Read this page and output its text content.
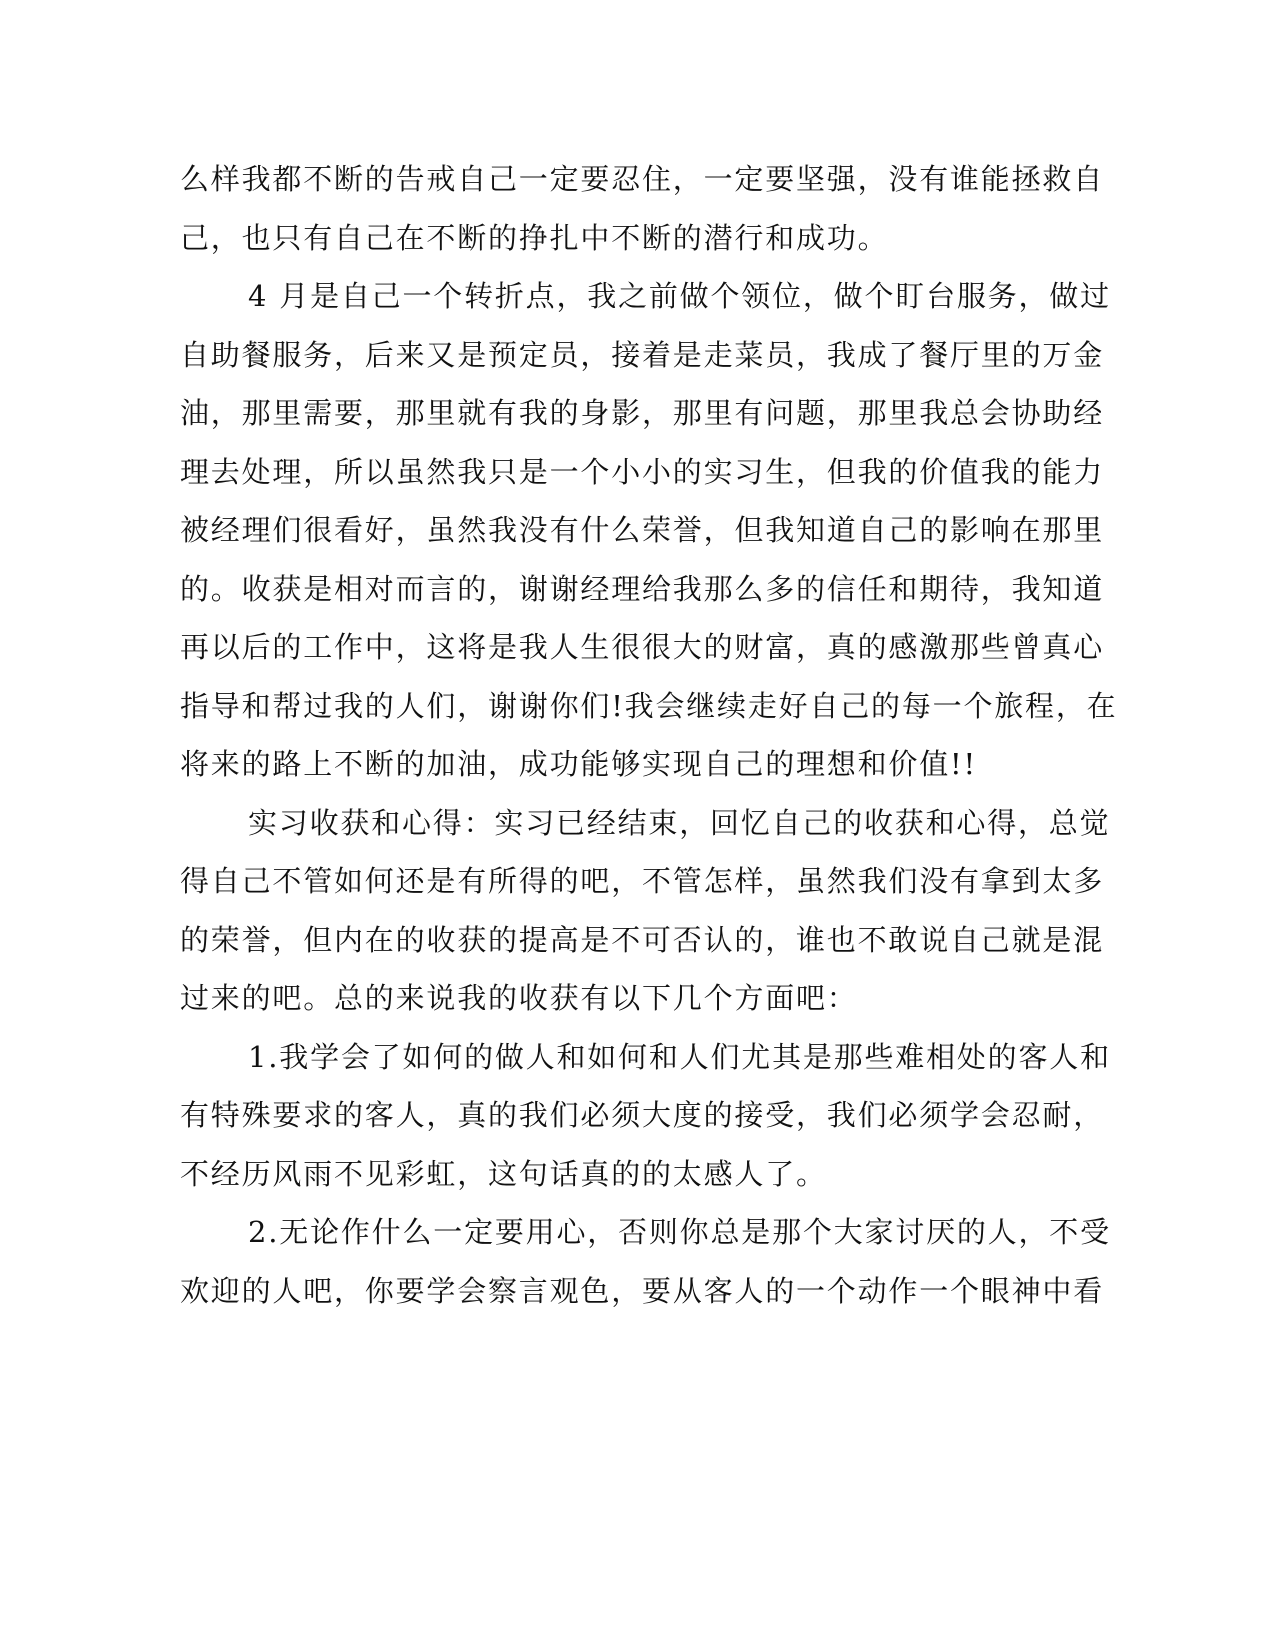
么样我都不断的告戒自己一定要忍住，一定要坚强，没有谁能拯救自
己，也只有自己在不断的挣扎中不断的潜行和成功。
4 月是自己一个转折点，我之前做个领位，做个盯台服务，做过
自助餐服务，后来又是预定员，接着是走菜员，我成了餐厅里的万金
油，那里需要，那里就有我的身影，那里有问题，那里我总会协助经
理去处理，所以虽然我只是一个小小的实习生，但我的价值我的能力
被经理们很看好，虽然我没有什么荣誉，但我知道自己的影响在那里
的。收获是相对而言的，谢谢经理给我那么多的信任和期待，我知道
再以后的工作中，这将是我人生很很大的财富，真的感激那些曾真心
指导和帮过我的人们，谢谢你们!我会继续走好自己的每一个旅程，在
将来的路上不断的加油，成功能够实现自己的理想和价值!!
实习收获和心得：实习已经结束，回忆自己的收获和心得，总觉
得自己不管如何还是有所得的吧，不管怎样，虽然我们没有拿到太多
的荣誉，但内在的收获的提高是不可否认的，谁也不敢说自己就是混
过来的吧。总的来说我的收获有以下几个方面吧：
1.我学会了如何的做人和如何和人们尤其是那些难相处的客人和
有特殊要求的客人，真的我们必须大度的接受，我们必须学会忍耐，
不经历风雨不见彩虹，这句话真的的太感人了。
2.无论作什么一定要用心，否则你总是那个大家讨厌的人，不受
欢迎的人吧，你要学会察言观色，要从客人的一个动作一个眼神中看
